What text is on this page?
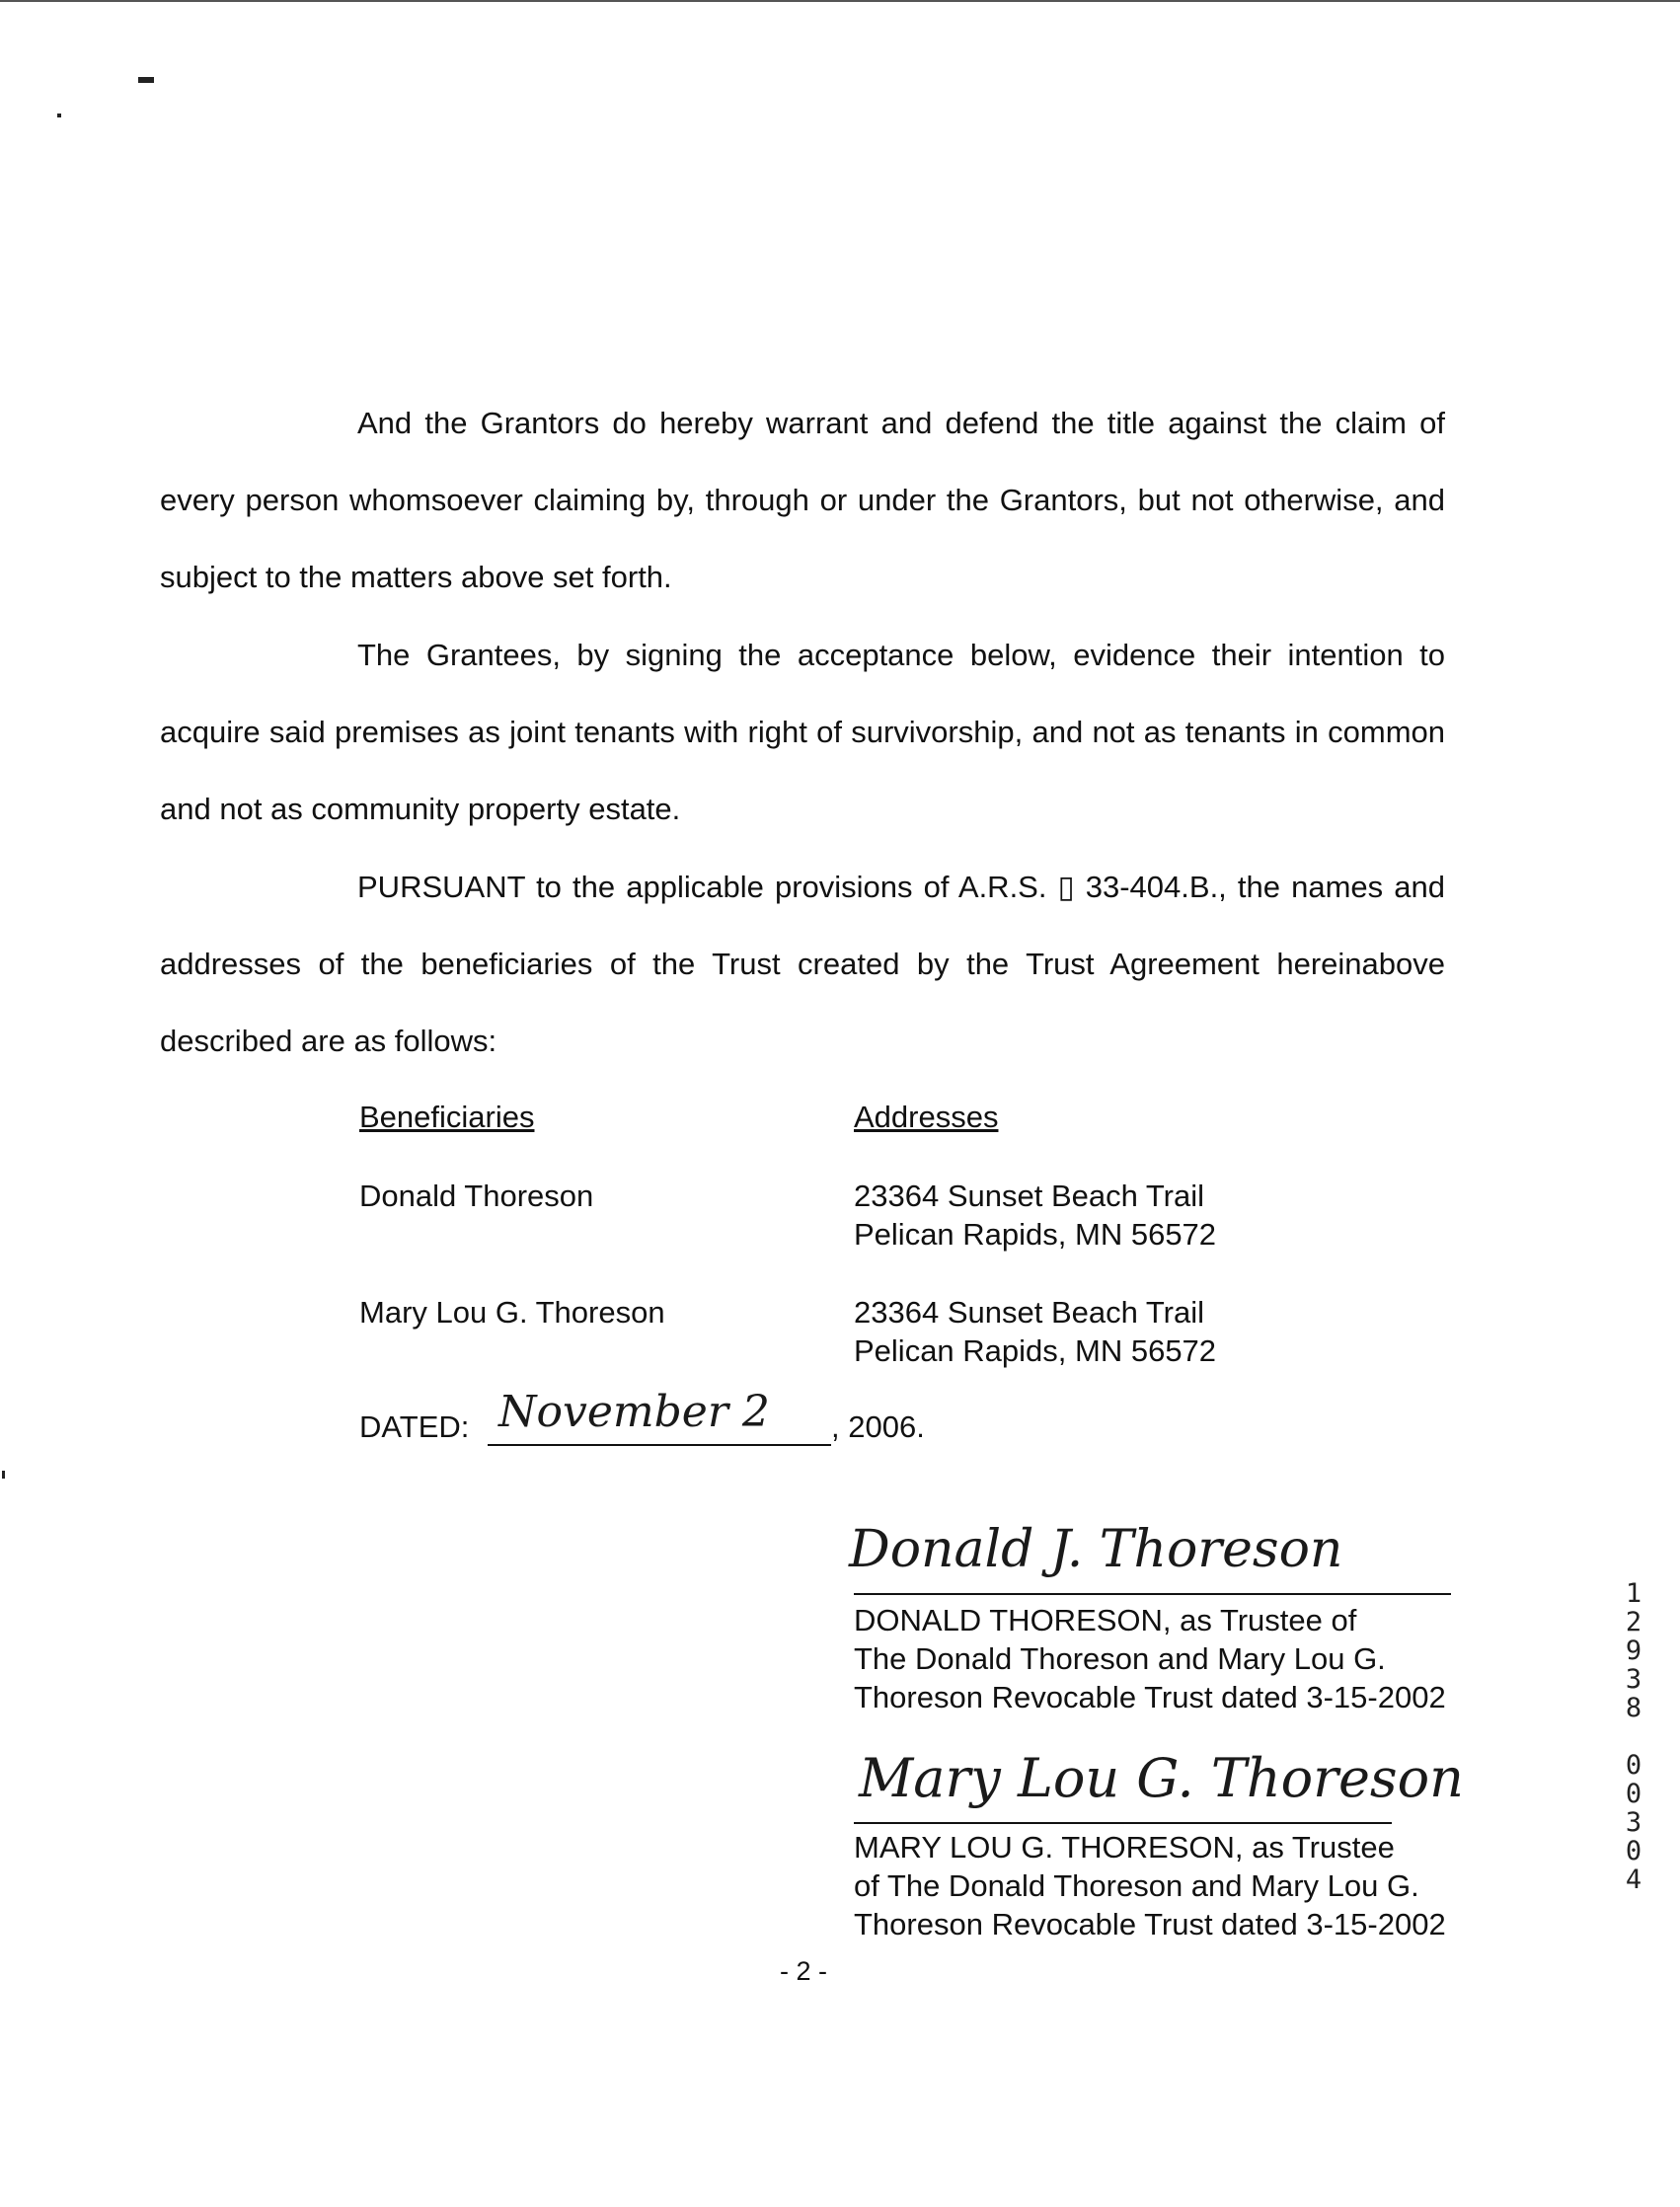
And the Grantors do hereby warrant and defend the title against the claim of every person whomsoever claiming by, through or under the Grantors, but not otherwise, and subject to the matters above set forth.
The Grantees, by signing the acceptance below, evidence their intention to acquire said premises as joint tenants with right of survivorship, and not as tenants in common and not as community property estate.
PURSUANT to the applicable provisions of A.R.S. ▯ 33-404.B., the names and addresses of the beneficiaries of the Trust created by the Trust Agreement hereinabove described are as follows:
Beneficiaries	Addresses
Donald Thoreson	23364 Sunset Beach Trail
Pelican Rapids, MN 56572
Mary Lou G. Thoreson	23364 Sunset Beach Trail
Pelican Rapids, MN 56572
DATED: November 2 , 2006.
Donald J. Thoreson
DONALD THORESON, as Trustee of
The Donald Thoreson and Mary Lou G.
Thoreson Revocable Trust dated 3-15-2002
Mary Lou G. Thoreson
MARY LOU G. THORESON, as Trustee
of The Donald Thoreson and Mary Lou G.
Thoreson Revocable Trust dated 3-15-2002
- 2 -
1
2
9
3
8
0
0
3
0
4
